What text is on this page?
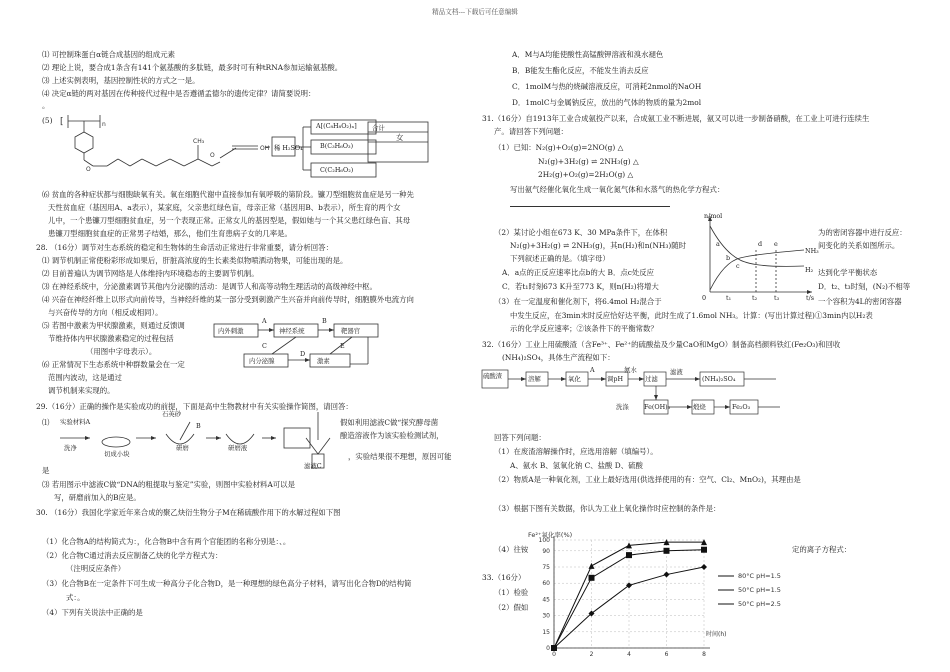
精品文档---下载后可任意编辑
⑴ 可控制珠蛋白α链合成基因的组成元素
⑵ 理论上说，要合成1条含有141个氨基酸的多肽链，最多时可有种tRNA参加运输氨基酸。
⑶ 上述实例表明，基因控制性状的方式之一是。
⑷ 决定α链的两对基因在传种接代过程中是否遵循孟德尔的遗传定律？请简要说明：
。
(5) [	n
O
CH₃
OH
O
稀 H₂SO₄
A[(C₈H₈O₂)ₙ]
B(C₃H₆O₃)
C(C₂H₆O₂)
合计
女
⑹ 贫血的各种症状都与细胞缺氧有关。氧在细胞代谢中直接参加有氧呼吸的第阶段。镰刀型细胞贫血症是另一种先
天性贫血症（基因用A、a表示），某家庭，父亲患红绿色盲，母亲正常（基因用B、b表示），所生育的两个女
儿中，一个患镰刀型细胞贫血症，另一个表现正常。正常女儿的基因型是，假如她与一个其父患红绿色盲、其母
患镰刀型细胞贫血症的正常男子结婚，那么，他们生育患病子女的几率是。
28. （16分）调节对生态系统的稳定和生物体的生命活动正常进行非常重要，请分析回答：
⑴ 调节机制正常使粉彩形成如果后，肝脏高浓度的生长素类似物喷洒动物果，可能出现的是。
⑵ 目前普遍认为调节网络是人体维持内环境稳态的主要调节机制。
⑶ 在神经系统中，分泌激素调节其他内分泌腺的活动：是调节人和高等动物生理活动的高级神经中枢。
⑷ 兴奋在神经纤维上以形式向前传导，当神经纤维的某一部分受到刺激产生兴奋并向前传导时，细胞膜外电流方向
与兴奋传导的方向（相反或相同）。
⑸ 若图中激素为甲状腺激素，则通过反馈调
节维持体内甲状腺激素稳定的过程包括
（用图中字母表示）。
⑹ 正常情况下生态系统中种群数量会在一定
范围内波动，这是通过
调节机制来实现的。
内外刺激	神经系统	靶器官
内分泌腺	激素
A	B
C
D
E
29.（16分）正确的操作是实验成功的前提，下面是高中生物教材中有关实验操作简图，请回答：
⑴ 实验材料A
洗净
切成小块
石英砂
B
研磨	研磨液
滤液C
假如利用滤液C做“探究酵母菌
酿造溶液作为该实验检测试剂，
，实验结果很不理想，原因可能
是
⑶ 若用图示中滤液C做“DNA的粗提取与鉴定”实验，则图中实验材料A可以是
写，研磨前加入的B应是。
30. （16分）我国化学家近年来合成的聚乙炔衍生物分子M在稀硫酸作用下的水解过程如下图
（1）化合物A的结构简式为：，化合物B中含有两个官能团的名称分别是：、。
（2）化合物C通过消去反应制备乙炔的化学方程式为：
（注明反应条件）
（3）化合物B在一定条件下可生成一种高分子化合物D，是一种理想的绿色高分子材料，请写出化合物D的结构简
式：。
（4）下列有关说法中正确的是
A．M与A均能使酸性高锰酸钾溶液和溴水褪色
B．B能发生酯化反应，不能发生消去反应
C．1molM与热的烧碱溶液反应，可消耗2nmol的NaOH
D．1molC与金属钠反应，放出的气体的物质的量为2mol
31.（16分）自1913年工业合成氨投产以来，合成氨工业不断进展，氨又可以进一步制备硝酸，在工业上可进行连续生
产。请回答下列问题：
（1）已知：N₂(g)+O₂(g)=2NO(g) △
N₂(g)+3H₂(g) ⇌ 2NH₃(g) △
2H₂(g)+O₂(g)=2H₂O(g) △
写出氨气经催化氧化生成一氧化氮气体和水蒸气的热化学方程式：
（2）某讨论小组在673 K、30 MPa条件下，在体积
N₂(g)+3H₂(g) ⇌ 2NH₃(g)，其n(H₂)和n(NH₃)随时
下列叙述正确的是。（填字母）
A．a点的正反应速率比点b的大 B．点c处反应
C．若t₁时刻673 K升至773 K，则n(H₂)将增大
（3）在一定温度和催化剂下，将6.4mol H₂混合于
中发生反应，在3min末时反应恰好达平衡，此时生成了1.6mol NH₃。计算：(写出计算过程)①3min内以H₂表
示的化学反应速率；②该条件下的平衡常数？
为的密闭容器中进行反应：
间变化的关系如图所示。
达到化学平衡状态
D．t₂、t₃时刻，(N₂)不相等
一个容积为4L的密闭容器
n/mol
t/s
0	t₁	t₂	t₃
NH₃
H₂
a
b
c
d e
32.（16分）工业上用硫酸渣（含Fe³⁺、Fe²⁺的硫酸盐及少量CaO和MgO）制备高档颜料铁红(Fe₂O₃)和回收
(NH₄)₂SO₄，具体生产流程如下：
硫酸渣	溶解	氧化	调pH	过滤
滤液
(NH₄)₂SO₄
Fe(OH)₃	煅烧	Fe₂O₃
洗涤
A	氨水
回答下列问题：
（1）在废渣溶解操作时，应选用溶解（填编号）。
A、氨水 B、氢氧化钠 C、盐酸 D、硫酸
（2）物质A是一种氧化剂，工业上最好选用(供选择使用的有：空气、Cl₂、MnO₂)，其理由是
（3）根据下图有关数据，你认为工业上氧化操作时应控制的条件是：
（4）往铵	定的离子方程式：
33.（16分）
（1）检验
（2）假如
0
15
30
45
60
75
90
100
0	2	4	6	8
Fe²⁺氧化率(%)
时间(h)
80°C pH=1.5
50°C pH=1.5
50°C pH=2.5
